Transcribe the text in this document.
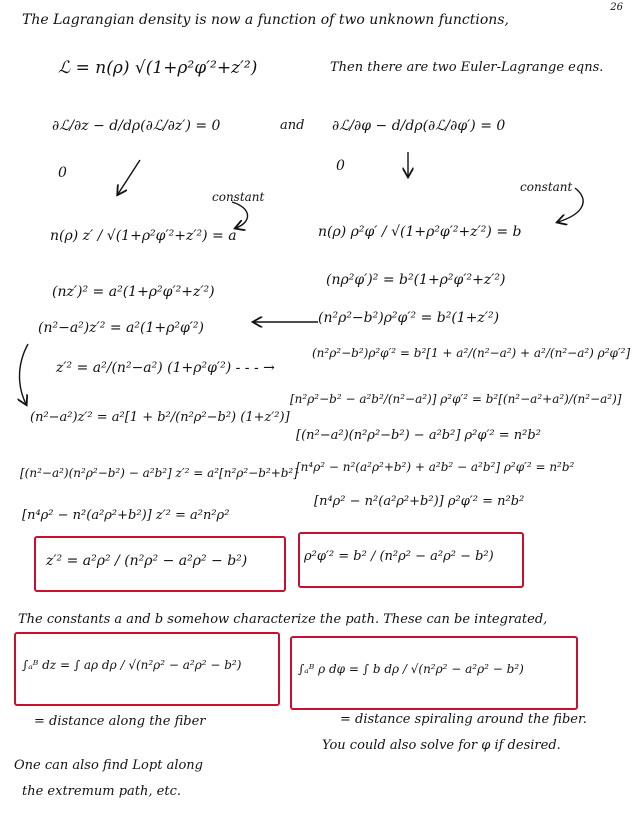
26
The Lagrangian density is now a function of two unknown functions,
ℒ = n(ρ) √(1+ρ²φ′²+z′²)	Then there are two Euler-Lagrange eqns.
∂ℒ/∂z − d/dρ(∂ℒ/∂z′) = 0	and ∂ℒ/∂φ − d/dρ(∂ℒ/∂φ′) = 0
0	0
constant
constant
n(ρ) z′ / √(1+ρ²φ′²+z′²) = a	n(ρ) ρ²φ′ / √(1+ρ²φ′²+z′²) = b
(nz′)² = a²(1+ρ²φ′²+z′²)
(nρ²φ′)² = b²(1+ρ²φ′²+z′²)
(n²−a²)z′² = a²(1+ρ²φ′²)
(n²ρ²−b²)ρ²φ′² = b²(1+z′²)
z′² = a²/(n²−a²) (1+ρ²φ′²) - - - →
(n²ρ²−b²)ρ²φ′² = b²[1 + a²/(n²−a²) + a²/(n²−a²) ρ²φ′²]
[n²ρ²−b² − a²b²/(n²−a²)] ρ²φ′² = b²[(n²−a²+a²)/(n²−a²)]
(n²−a²)z′² = a²[1 + b²/(n²ρ²−b²) (1+z′²)]
[(n²−a²)(n²ρ²−b²) − a²b²] ρ²φ′² = n²b²
[(n²−a²)(n²ρ²−b²) − a²b²] z′² = a²[n²ρ²−b²+b²]
[n⁴ρ² − n²(a²ρ²+b²) + a²b² − a²b²] ρ²φ′² = n²b²
[n⁴ρ² − n²(a²ρ²+b²)] z′² = a²n²ρ²
[n⁴ρ² − n²(a²ρ²+b²)] ρ²φ′² = n²b²
z′² = a²ρ² / (n²ρ² − a²ρ² − b²)	ρ²φ′² = b² / (n²ρ² − a²ρ² − b²)
The constants a and b somehow characterize the path. These can be integrated,
∫ₐᴮ dz = ∫ aρ dρ / √(n²ρ² − a²ρ² − b²)	∫ₐᴮ ρ dφ = ∫ b dρ / √(n²ρ² − a²ρ² − b²)
= distance along the fiber	= distance spiraling around the fiber.
You could also solve for φ if desired.
One can also find Lopt along
the extremum path, etc.
